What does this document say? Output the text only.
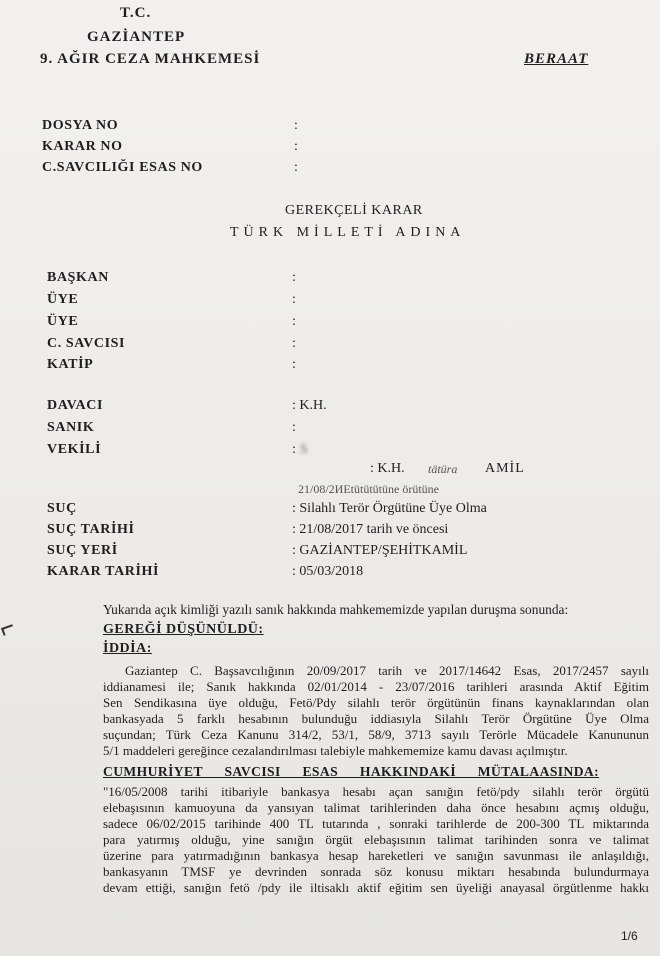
T.C.
GAZİANTEP
9. AĞIR CEZA MAHKEMESİ	BERAAT
DOSYA NO	:
KARAR NO	:
C.SAVCILIĞI ESAS NO	:
GEREKÇELİ KARAR
TÜRK MİLLETİ ADINA
BAŞKAN	:
ÜYE	:
ÜYE	:
C. SAVCISI	:
KATİP	:
DAVACI	: K.H.
SANIK	:
VEKİLİ	: S
: K.H. tätüra AMİL
21/08/2ИЕtütütütüne örütüne
SUÇ	: Silahlı Terör Örgütüne Üye Olma
SUÇ TARİHİ	: 21/08/2017 tarih ve öncesi
SUÇ YERİ	: GAZİANTEP/ŞEHİTKAMİL
KARAR TARİHİ	: 05/03/2018
Yukarıda açık kimliği yazılı sanık hakkında mahkememizde yapılan duruşma sonunda:
GEREĞİ DÜŞÜNÜLDÜ:
İDDİA:
Gaziantep C. Başsavcılığının 20/09/2017 tarih ve 2017/14642 Esas, 2017/2457 sayılı
iddianamesi ile; Sanık hakkında 02/01/2014 - 23/07/2016 tarihleri arasında Aktif Eğitim
Sen Sendikasına üye olduğu, Fetö/Pdy silahlı terör örgütünün finans kaynaklarından olan
bankasyada 5 farklı hesabının bulunduğu iddiasıyla Silahlı Terör Örgütüne Üye Olma
suçundan; Türk Ceza Kanunu 314/2, 53/1, 58/9, 3713 sayılı Terörle Mücadele Kanununun
5/1 maddeleri gereğince cezalandırılması talebiyle mahkememize kamu davası açılmıştır.
CUMHURİYET SAVCISI ESAS HAKKINDAKİ MÜTALAASINDA:
"16/05/2008 tarihi itibariyle bankasya hesabı açan sanığın fetö/pdy silahlı terör örgütü
elebaşısının kamuoyuna da yansıyan talimat tarihlerinden daha önce hesabını açmış olduğu,
sadece 06/02/2015 tarihinde 400 TL tutarında , sonraki tarihlerde de 200-300 TL miktarında
para yatırmış olduğu, yine sanığın örgüt elebaşısının talimat tarihinden sonra ve talimat
üzerine para yatırmadığının bankasya hesap hareketleri ve sanığın savunması ile anlaşıldığı,
bankasyanın TMSF ye devrinden sonrada söz konusu miktarı hesabında bulundurmaya
devam ettiği, sanığın fetö /pdy ile iltisaklı aktif eğitim sen üyeliği anayasal örgütlenme hakkı
1/6
